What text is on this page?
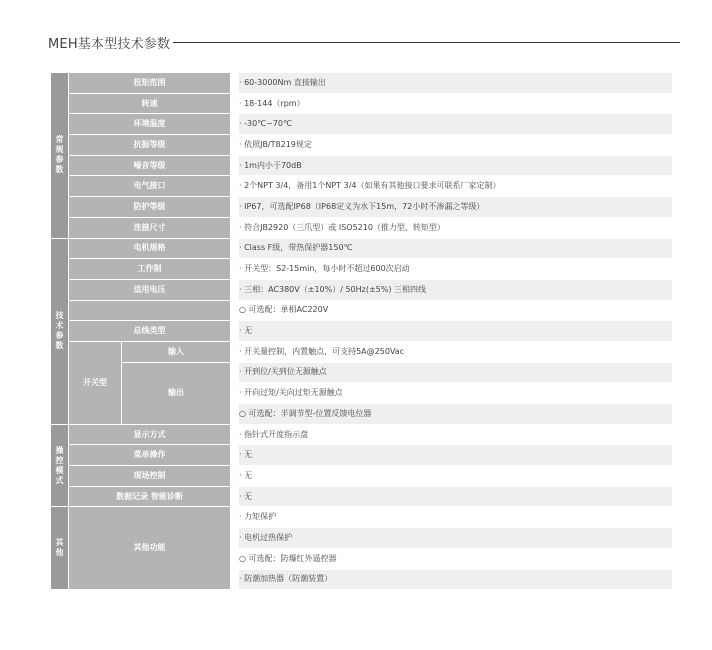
MEH基本型技术参数
常规参数	扭矩范围			· 60-3000Nm 直接输出
	转速			· 18-144（rpm）
	环境温度			· -30℃~70℃
	抗振等级			· 依照JB/T8219规定
	噪音等级			· 1m内小于70dB
	电气接口			· 2个NPT 3/4，备用1个NPT 3/4（如果有其他接口要求可联系厂家定制）
	防护等级			· IP67，可选配IP68（IP68定义为水下15m，72小时不渗漏之等级）
	连接尺寸			· 符合JB2920（三爪型）或 ISO5210（推力型、转矩型）
技术参数	电机规格			· Class F级，带热保护器150℃
	工作制			· 开关型：S2-15min，每小时不超过600次启动
	适用电压			· 三相：AC380V（±10%）/ 50Hz(±5%) 三相四线
				○ 可选配：单相AC220V
	总线类型			· 无
	开关型	输入		· 开关量控制，内置触点，可支持5A@250Vac
		输出		· 开到位/关到位无源触点
				· 开向过矩/关向过矩无源触点
				○ 可选配：半调节型-位置反馈电位器
操控模式	显示方式			· 指针式开度指示盘
	菜单操作			· 无
	现场控制			· 无
	数据记录 智能诊断			· 无
其他	其他功能			· 力矩保护
				· 电机过热保护
				○ 可选配：防爆红外遥控器
				· 防潮加热器（防潮装置）
